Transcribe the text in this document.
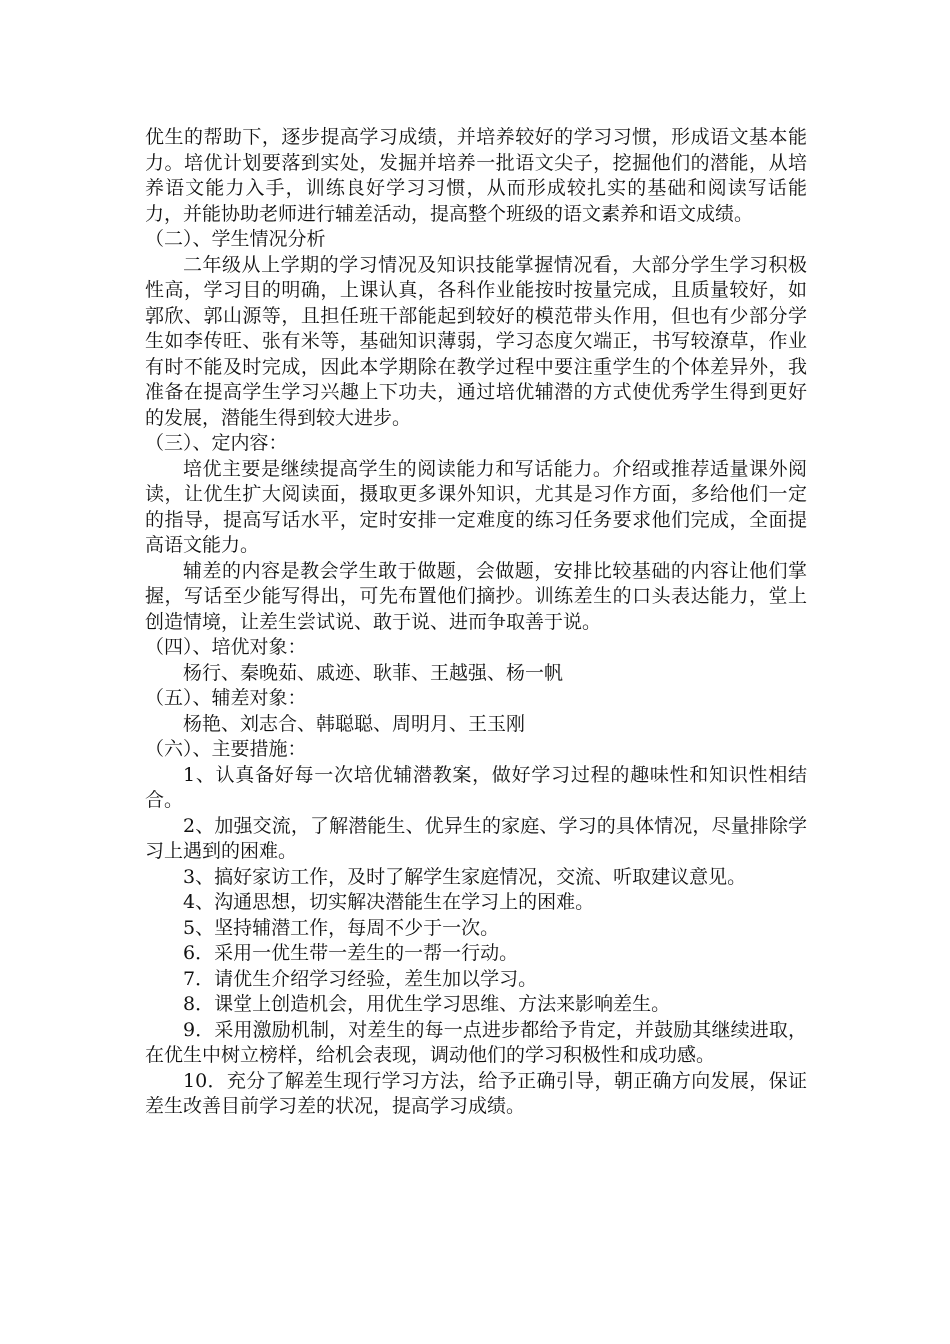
优生的帮助下，逐步提高学习成绩，并培养较好的学习习惯，形成语文基本能力。培优计划要落到实处，发掘并培养一批语文尖子，挖掘他们的潜能，从培养语文能力入手，训练良好学习习惯，从而形成较扎实的基础和阅读写话能力，并能协助老师进行辅差活动，提高整个班级的语文素养和语文成绩。

（二）、学生情况分析

二年级从上学期的学习情况及知识技能掌握情况看，大部分学生学习积极性高，学习目的明确，上课认真，各科作业能按时按量完成，且质量较好，如郭欣、郭山源等，且担任班干部能起到较好的模范带头作用，但也有少部分学生如李传旺、张有米等，基础知识薄弱，学习态度欠端正，书写较潦草，作业有时不能及时完成，因此本学期除在教学过程中要注重学生的个体差异外，我准备在提高学生学习兴趣上下功夫，通过培优辅潜的方式使优秀学生得到更好的发展，潜能生得到较大进步。

（三）、定内容：

培优主要是继续提高学生的阅读能力和写话能力。介绍或推荐适量课外阅读，让优生扩大阅读面，摄取更多课外知识，尤其是习作方面，多给他们一定的指导，提高写话水平，定时安排一定难度的练习任务要求他们完成，全面提高语文能力。

辅差的内容是教会学生敢于做题，会做题，安排比较基础的内容让他们掌握，写话至少能写得出，可先布置他们摘抄。训练差生的口头表达能力，堂上创造情境，让差生尝试说、敢于说、进而争取善于说。

（四）、培优对象：

杨行、秦晚茹、戚迹、耿菲、王越强、杨一帆

（五）、辅差对象：

杨艳、刘志合、韩聪聪、周明月、王玉刚

（六）、主要措施：

1、认真备好每一次培优辅潜教案，做好学习过程的趣味性和知识性相结合。

2、加强交流，了解潜能生、优异生的家庭、学习的具体情况，尽量排除学习上遇到的困难。

3、搞好家访工作，及时了解学生家庭情况，交流、听取建议意见。

4、沟通思想，切实解决潜能生在学习上的困难。

5、坚持辅潜工作，每周不少于一次。

6．采用一优生带一差生的一帮一行动。

7．请优生介绍学习经验，差生加以学习。

8．课堂上创造机会，用优生学习思维、方法来影响差生。

9．采用激励机制，对差生的每一点进步都给予肯定，并鼓励其继续进取，在优生中树立榜样，给机会表现，调动他们的学习积极性和成功感。

10．充分了解差生现行学习方法，给予正确引导，朝正确方向发展，保证差生改善目前学习差的状况，提高学习成绩。
